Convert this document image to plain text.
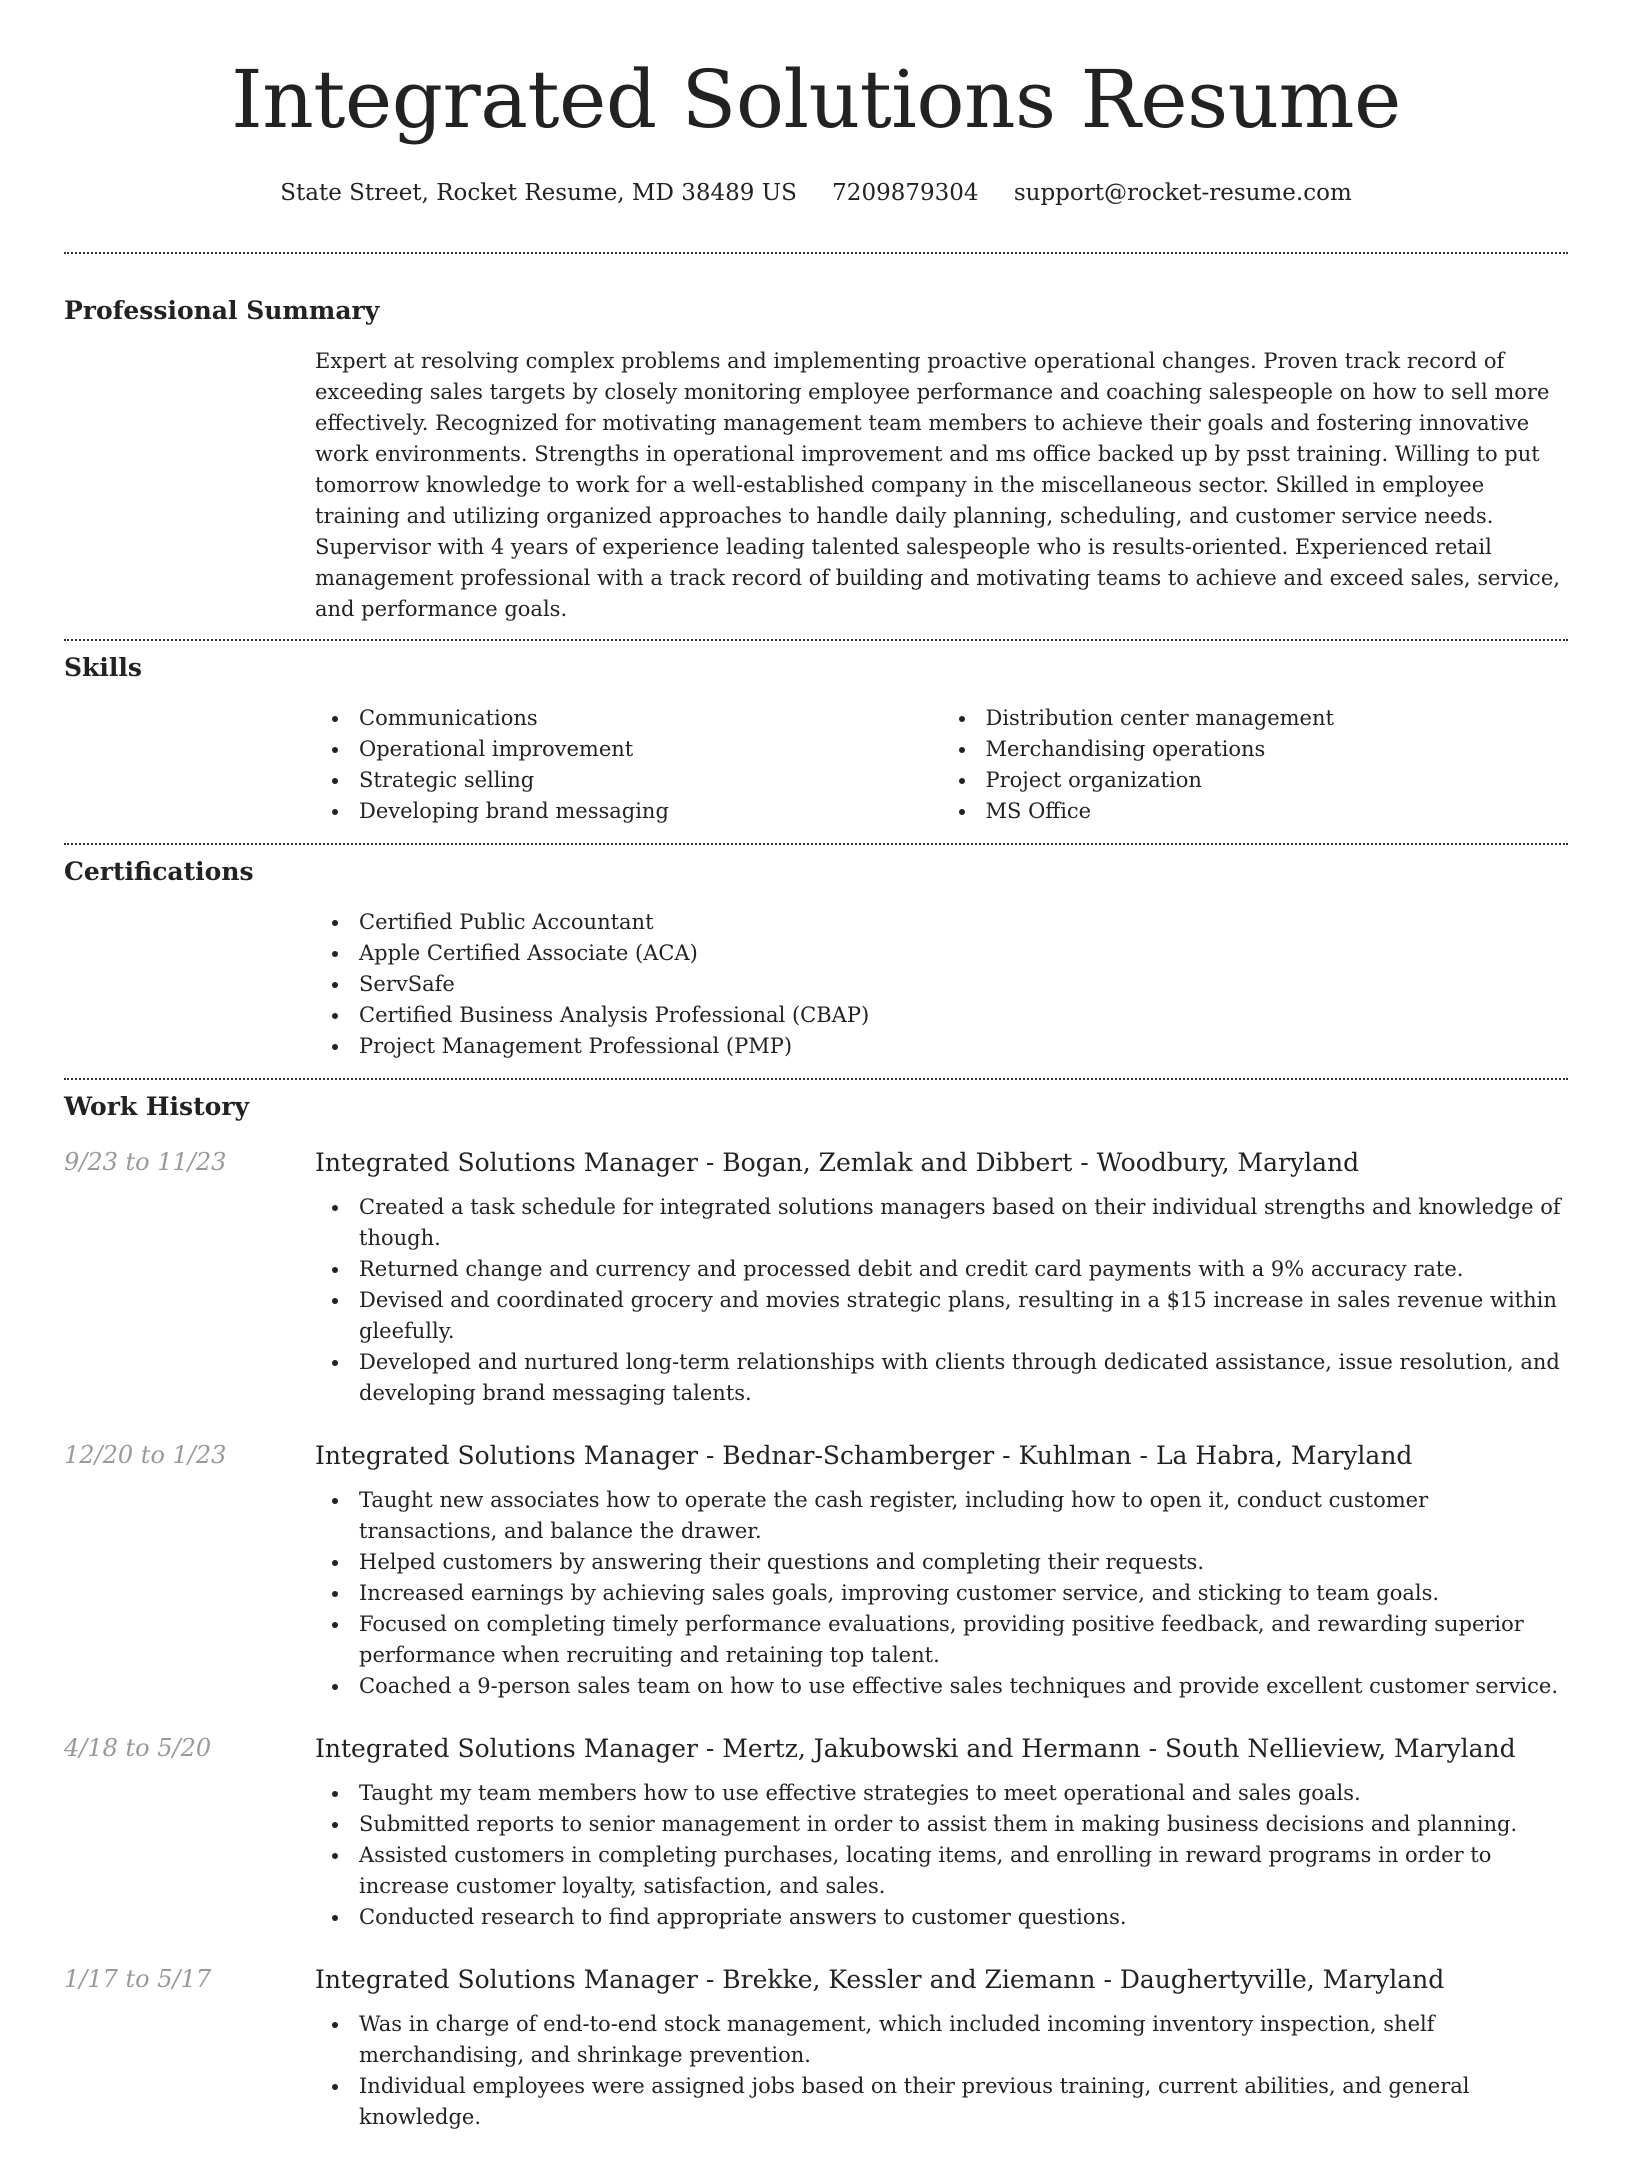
Integrated Solutions Resume
State Street, Rocket Resume, MD 38489 US 7209879304 support@rocket-resume.com
Professional Summary

Expert at resolving complex problems and implementing proactive operational changes. Proven track record of exceeding sales targets by closely monitoring employee performance and coaching salespeople on how to sell more effectively. Recognized for motivating management team members to achieve their goals and fostering innovative work environments. Strengths in operational improvement and ms office backed up by psst training. Willing to put tomorrow knowledge to work for a well-established company in the miscellaneous sector. Skilled in employee training and utilizing organized approaches to handle daily planning, scheduling, and customer service needs. Supervisor with 4 years of experience leading talented salespeople who is results-oriented. Experienced retail management professional with a track record of building and motivating teams to achieve and exceed sales, service, and performance goals.

Skills
Communications
Operational improvement
Strategic selling
Developing brand messaging
Distribution center management
Merchandising operations
Project organization
MS Office
Certifications
Certified Public Accountant
Apple Certified Associate (ACA)
ServSafe
Certified Business Analysis Professional (CBAP)
Project Management Professional (PMP)
Work History
9/23 to 11/23	Integrated Solutions Manager - Bogan, Zemlak and Dibbert - Woodbury, Maryland
Created a task schedule for integrated solutions managers based on their individual strengths and knowledge of though.
Returned change and currency and processed debit and credit card payments with a 9% accuracy rate.
Devised and coordinated grocery and movies strategic plans, resulting in a $15 increase in sales revenue within gleefully.
Developed and nurtured long-term relationships with clients through dedicated assistance, issue resolution, and developing brand messaging talents.
12/20 to 1/23	Integrated Solutions Manager - Bednar-Schamberger - Kuhlman - La Habra, Maryland
Taught new associates how to operate the cash register, including how to open it, conduct customer transactions, and balance the drawer.
Helped customers by answering their questions and completing their requests.
Increased earnings by achieving sales goals, improving customer service, and sticking to team goals.
Focused on completing timely performance evaluations, providing positive feedback, and rewarding superior performance when recruiting and retaining top talent.
Coached a 9-person sales team on how to use effective sales techniques and provide excellent customer service.
4/18 to 5/20	Integrated Solutions Manager - Mertz, Jakubowski and Hermann - South Nellieview, Maryland
Taught my team members how to use effective strategies to meet operational and sales goals.
Submitted reports to senior management in order to assist them in making business decisions and planning.
Assisted customers in completing purchases, locating items, and enrolling in reward programs in order to increase customer loyalty, satisfaction, and sales.
Conducted research to find appropriate answers to customer questions.
1/17 to 5/17	Integrated Solutions Manager - Brekke, Kessler and Ziemann - Daughertyville, Maryland
Was in charge of end-to-end stock management, which included incoming inventory inspection, shelf merchandising, and shrinkage prevention.
Individual employees were assigned jobs based on their previous training, current abilities, and general knowledge.
